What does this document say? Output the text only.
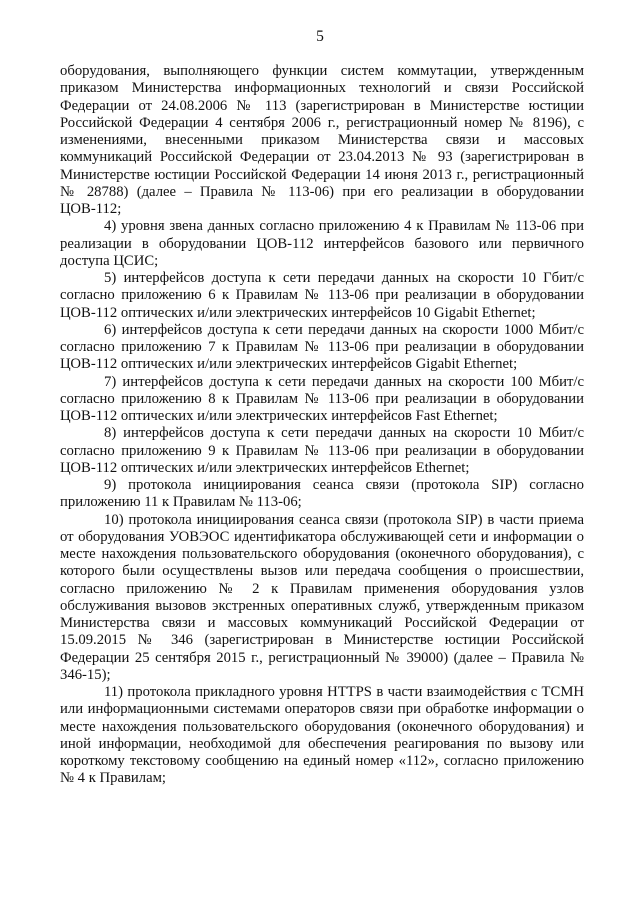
5

оборудования, выполняющего функции систем коммутации, утвержденным приказом Министерства информационных технологий и связи Российской Федерации от 24.08.2006 № 113 (зарегистрирован в Министерстве юстиции Российской Федерации 4 сентября 2006 г., регистрационный номер № 8196), с изменениями, внесенными приказом Министерства связи и массовых коммуникаций Российской Федерации от 23.04.2013 № 93 (зарегистрирован в Министерстве юстиции Российской Федерации 14 июня 2013 г., регистрационный № 28788) (далее – Правила № 113-06) при его реализации в оборудовании ЦОВ-112;

4) уровня звена данных согласно приложению 4 к Правилам № 113-06 при реализации в оборудовании ЦОВ-112 интерфейсов базового или первичного доступа ЦСИС;

5) интерфейсов доступа к сети передачи данных на скорости 10 Гбит/с согласно приложению 6 к Правилам № 113-06 при реализации в оборудовании ЦОВ-112 оптических и/или электрических интерфейсов 10 Gigabit Ethernet;

6) интерфейсов доступа к сети передачи данных на скорости 1000 Мбит/с согласно приложению 7 к Правилам № 113-06 при реализации в оборудовании ЦОВ-112 оптических и/или электрических интерфейсов Gigabit Ethernet;

7) интерфейсов доступа к сети передачи данных на скорости 100 Мбит/с согласно приложению 8 к Правилам № 113-06 при реализации в оборудовании ЦОВ-112 оптических и/или электрических интерфейсов Fast Ethernet;

8) интерфейсов доступа к сети передачи данных на скорости 10 Мбит/с согласно приложению 9 к Правилам № 113-06 при реализации в оборудовании ЦОВ-112 оптических и/или электрических интерфейсов Ethernet;

9) протокола инициирования сеанса связи (протокола SIP) согласно приложению 11 к Правилам № 113-06;

10) протокола инициирования сеанса связи (протокола SIP) в части приема от оборудования УОВЭОС идентификатора обслуживающей сети и информации о месте нахождения пользовательского оборудования (оконечного оборудования), с которого были осуществлены вызов или передача сообщения о происшествии, согласно приложению № 2 к Правилам применения оборудования узлов обслуживания вызовов экстренных оперативных служб, утвержденным приказом Министерства связи и массовых коммуникаций Российской Федерации от 15.09.2015 № 346 (зарегистрирован в Министерстве юстиции Российской Федерации 25 сентября 2015 г., регистрационный № 39000) (далее – Правила № 346-15);

11) протокола прикладного уровня HTTPS в части взаимодействия с ТСМН или информационными системами операторов связи при обработке информации о месте нахождения пользовательского оборудования (оконечного оборудования) и иной информации, необходимой для обеспечения реагирования по вызову или короткому текстовому сообщению на единый номер «112», согласно приложению № 4 к Правилам;
